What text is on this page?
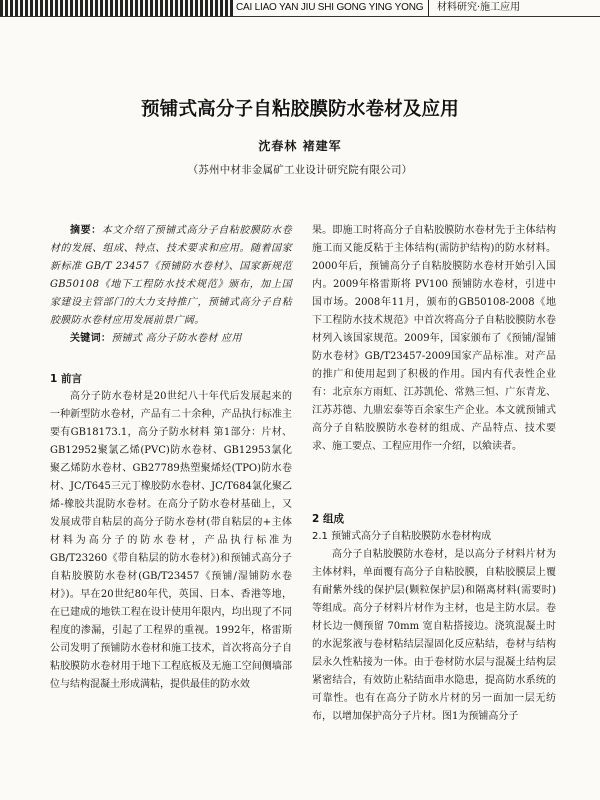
CAI LIAO YAN JIU SHI GONG YING YONG 材料研究·施工应用
预铺式高分子自粘胶膜防水卷材及应用
沈春林 褚建军
（苏州中材非金属矿工业设计研究院有限公司）

摘要：本文介绍了预铺式高分子自粘胶膜防水卷材的发展、组成、特点、技术要求和应用。随着国家新标准 GB/T 23457《预铺防水卷材》、国家新规范 GB50108《地下工程防水技术规范》颁布，加上国家建设主管部门的大力支持推广，预铺式高分子自粘胶膜防水卷材应用发展前景广阔。

关键词：预铺式 高分子防水卷材 应用

1 前言

高分子防水卷材是20世纪八十年代后发展起来的一种新型防水卷材，产品有二十余种，产品执行标准主要有GB18173.1，高分子防水材料 第1部分：片材、GB12952聚氯乙烯(PVC)防水卷材、GB12953氯化聚乙烯防水卷材、GB27789热塑聚烯烃(TPO)防水卷材、JC/T645三元丁橡胶防水卷材、JC/T684氯化聚乙烯-橡胶共混防水卷材。在高分子防水卷材基础上，又发展成带自粘层的高分子防水卷材(带自粘层的+主体材料为高分子的防水卷材，产品执行标准为GB/T23260《带自粘层的防水卷材》)和预铺式高分子自粘胶膜防水卷材(GB/T23457《预铺/湿铺防水卷材》)。早在20世纪80年代，英国、日本、香港等地，在已建成的地铁工程在设计使用年限内，均出现了不同程度的渗漏，引起了工程界的重视。1992年，格雷斯公司发明了预铺防水卷材和施工技术，首次将高分子自粘胶膜防水卷材用于地下工程底板及无施工空间侧墙部位与结构混凝土形成满粘，提供最佳的防水效

果。即施工时将高分子自粘胶膜防水卷材先于主体结构施工而又能反粘于主体结构(需防护结构)的防水材料。2000年后，预铺高分子自粘胶膜防水卷材开始引入国内。2009年格雷斯将 PV100 预铺防水卷材，引进中国市场。2008年11月，颁布的GB50108-2008《地下工程防水技术规范》中首次将高分子自粘胶膜防水卷材列入该国家规范。2009年，国家颁布了《预铺/湿铺防水卷材》GB/T23457-2009国家产品标准。对产品的推广和使用起到了积极的作用。国内有代表性企业有：北京东方雨虹、江苏凯伦、常熟三恒、广东青龙、江苏苏德、九鼎宏泰等百余家生产企业。本文就预铺式高分子自粘胶膜防水卷材的组成、产品特点、技术要求、施工要点、工程应用作一介绍，以飨读者。

2 组成

2.1 预铺式高分子自粘胶膜防水卷材构成

高分子自粘胶膜防水卷材，是以高分子材料片材为主体材料，单面覆有高分子自粘胶膜，自粘胶膜层上覆有耐紫外线的保护层(颗粒保护层)和隔离材料(需要时)等组成。高分子材料片材作为主材，也是主防水层。卷材长边一侧预留 70mm 宽自粘搭接边。浇筑混凝土时的水泥浆液与卷材粘结层湿固化反应粘结，卷材与结构层永久性粘接为一体。由于卷材防水层与混凝土结构层紧密结合，有效防止粘结面串水隐患，提高防水系统的可靠性。也有在高分子防水片材的另一面加一层无纺布，以增加保护高分子片材。图1为预铺高分子
